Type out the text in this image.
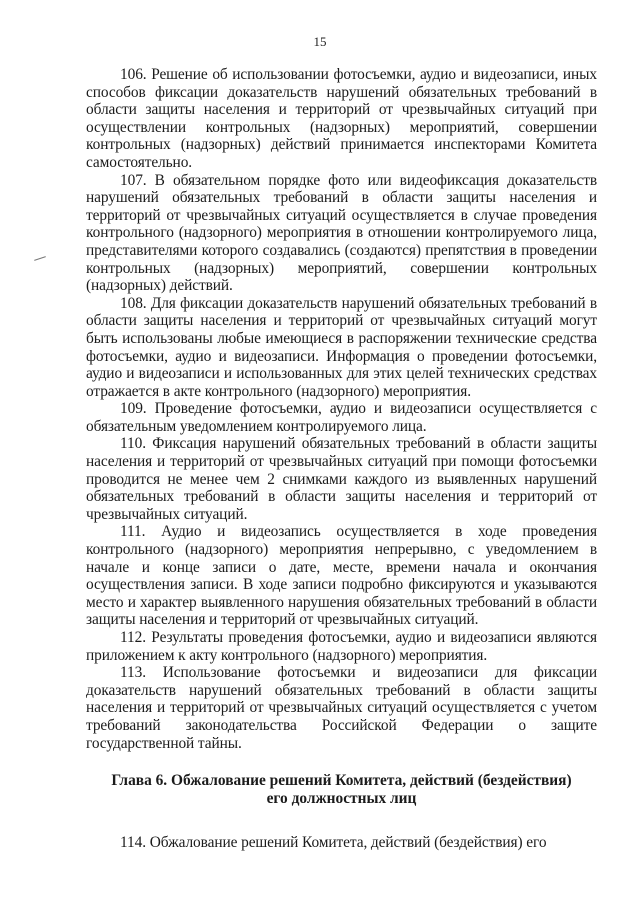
15

106. Решение об использовании фотосъемки, аудио и видеозаписи, иных способов фиксации доказательств нарушений обязательных требований в области защиты населения и территорий от чрезвычайных ситуаций при осуществлении контрольных (надзорных) мероприятий, совершении контрольных (надзорных) действий принимается инспекторами Комитета самостоятельно.

107. В обязательном порядке фото или видеофиксация доказательств нарушений обязательных требований в области защиты населения и территорий от чрезвычайных ситуаций осуществляется в случае проведения контрольного (надзорного) мероприятия в отношении контролируемого лица, представителями которого создавались (создаются) препятствия в проведении контрольных (надзорных) мероприятий, совершении контрольных (надзорных) действий.

108. Для фиксации доказательств нарушений обязательных требований в области защиты населения и территорий от чрезвычайных ситуаций могут быть использованы любые имеющиеся в распоряжении технические средства фотосъемки, аудио и видеозаписи. Информация о проведении фотосъемки, аудио и видеозаписи и использованных для этих целей технических средствах отражается в акте контрольного (надзорного) мероприятия.

109. Проведение фотосъемки, аудио и видеозаписи осуществляется с обязательным уведомлением контролируемого лица.

110. Фиксация нарушений обязательных требований в области защиты населения и территорий от чрезвычайных ситуаций при помощи фотосъемки проводится не менее чем 2 снимками каждого из выявленных нарушений обязательных требований в области защиты населения и территорий от чрезвычайных ситуаций.

111. Аудио и видеозапись осуществляется в ходе проведения контрольного (надзорного) мероприятия непрерывно, с уведомлением в начале и конце записи о дате, месте, времени начала и окончания осуществления записи. В ходе записи подробно фиксируются и указываются место и характер выявленного нарушения обязательных требований в области защиты населения и территорий от чрезвычайных ситуаций.

112. Результаты проведения фотосъемки, аудио и видеозаписи являются приложением к акту контрольного (надзорного) мероприятия.

113. Использование фотосъемки и видеозаписи для фиксации доказательств нарушений обязательных требований в области защиты населения и территорий от чрезвычайных ситуаций осуществляется с учетом требований законодательства Российской Федерации о защите государственной тайны.

Глава 6. Обжалование решений Комитета, действий (бездействия)
его должностных лиц

114. Обжалование решений Комитета, действий (бездействия) его
